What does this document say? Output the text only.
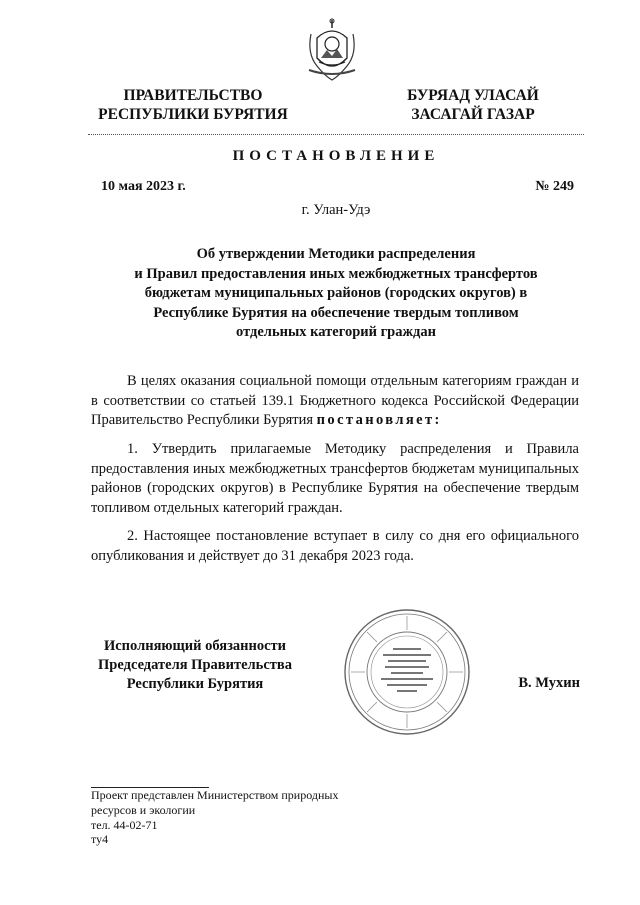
ПРАВИТЕЛЬСТВО
РЕСПУБЛИКИ БУРЯТИЯ
БУРЯАД УЛАСАЙ
ЗАСАГАЙ ГАЗАР
ПОСТАНОВЛЕНИЕ
10 мая 2023 г.	№ 249
г. Улан-Удэ
Об утверждении Методики распределения
и Правил предоставления иных межбюджетных трансфертов
бюджетам муниципальных районов (городских округов) в
Республике Бурятия на обеспечение твердым топливом
отдельных категорий граждан
В целях оказания социальной помощи отдельным категориям граждан и в соответствии со статьей 139.1 Бюджетного кодекса Российской Федерации Правительство Республики Бурятия постановляет:
1. Утвердить прилагаемые Методику распределения и Правила предоставления иных межбюджетных трансфертов бюджетам муниципальных районов (городских округов) в Республике Бурятия на обеспечение твердым топливом отдельных категорий граждан.
2. Настоящее постановление вступает в силу со дня его официального опубликования и действует до 31 декабря 2023 года.
Исполняющий обязанности
Председателя Правительства
Республики Бурятия	В. Мухин
Проект представлен Министерством природных
ресурсов и экологии
тел. 44-02-71
ту4
